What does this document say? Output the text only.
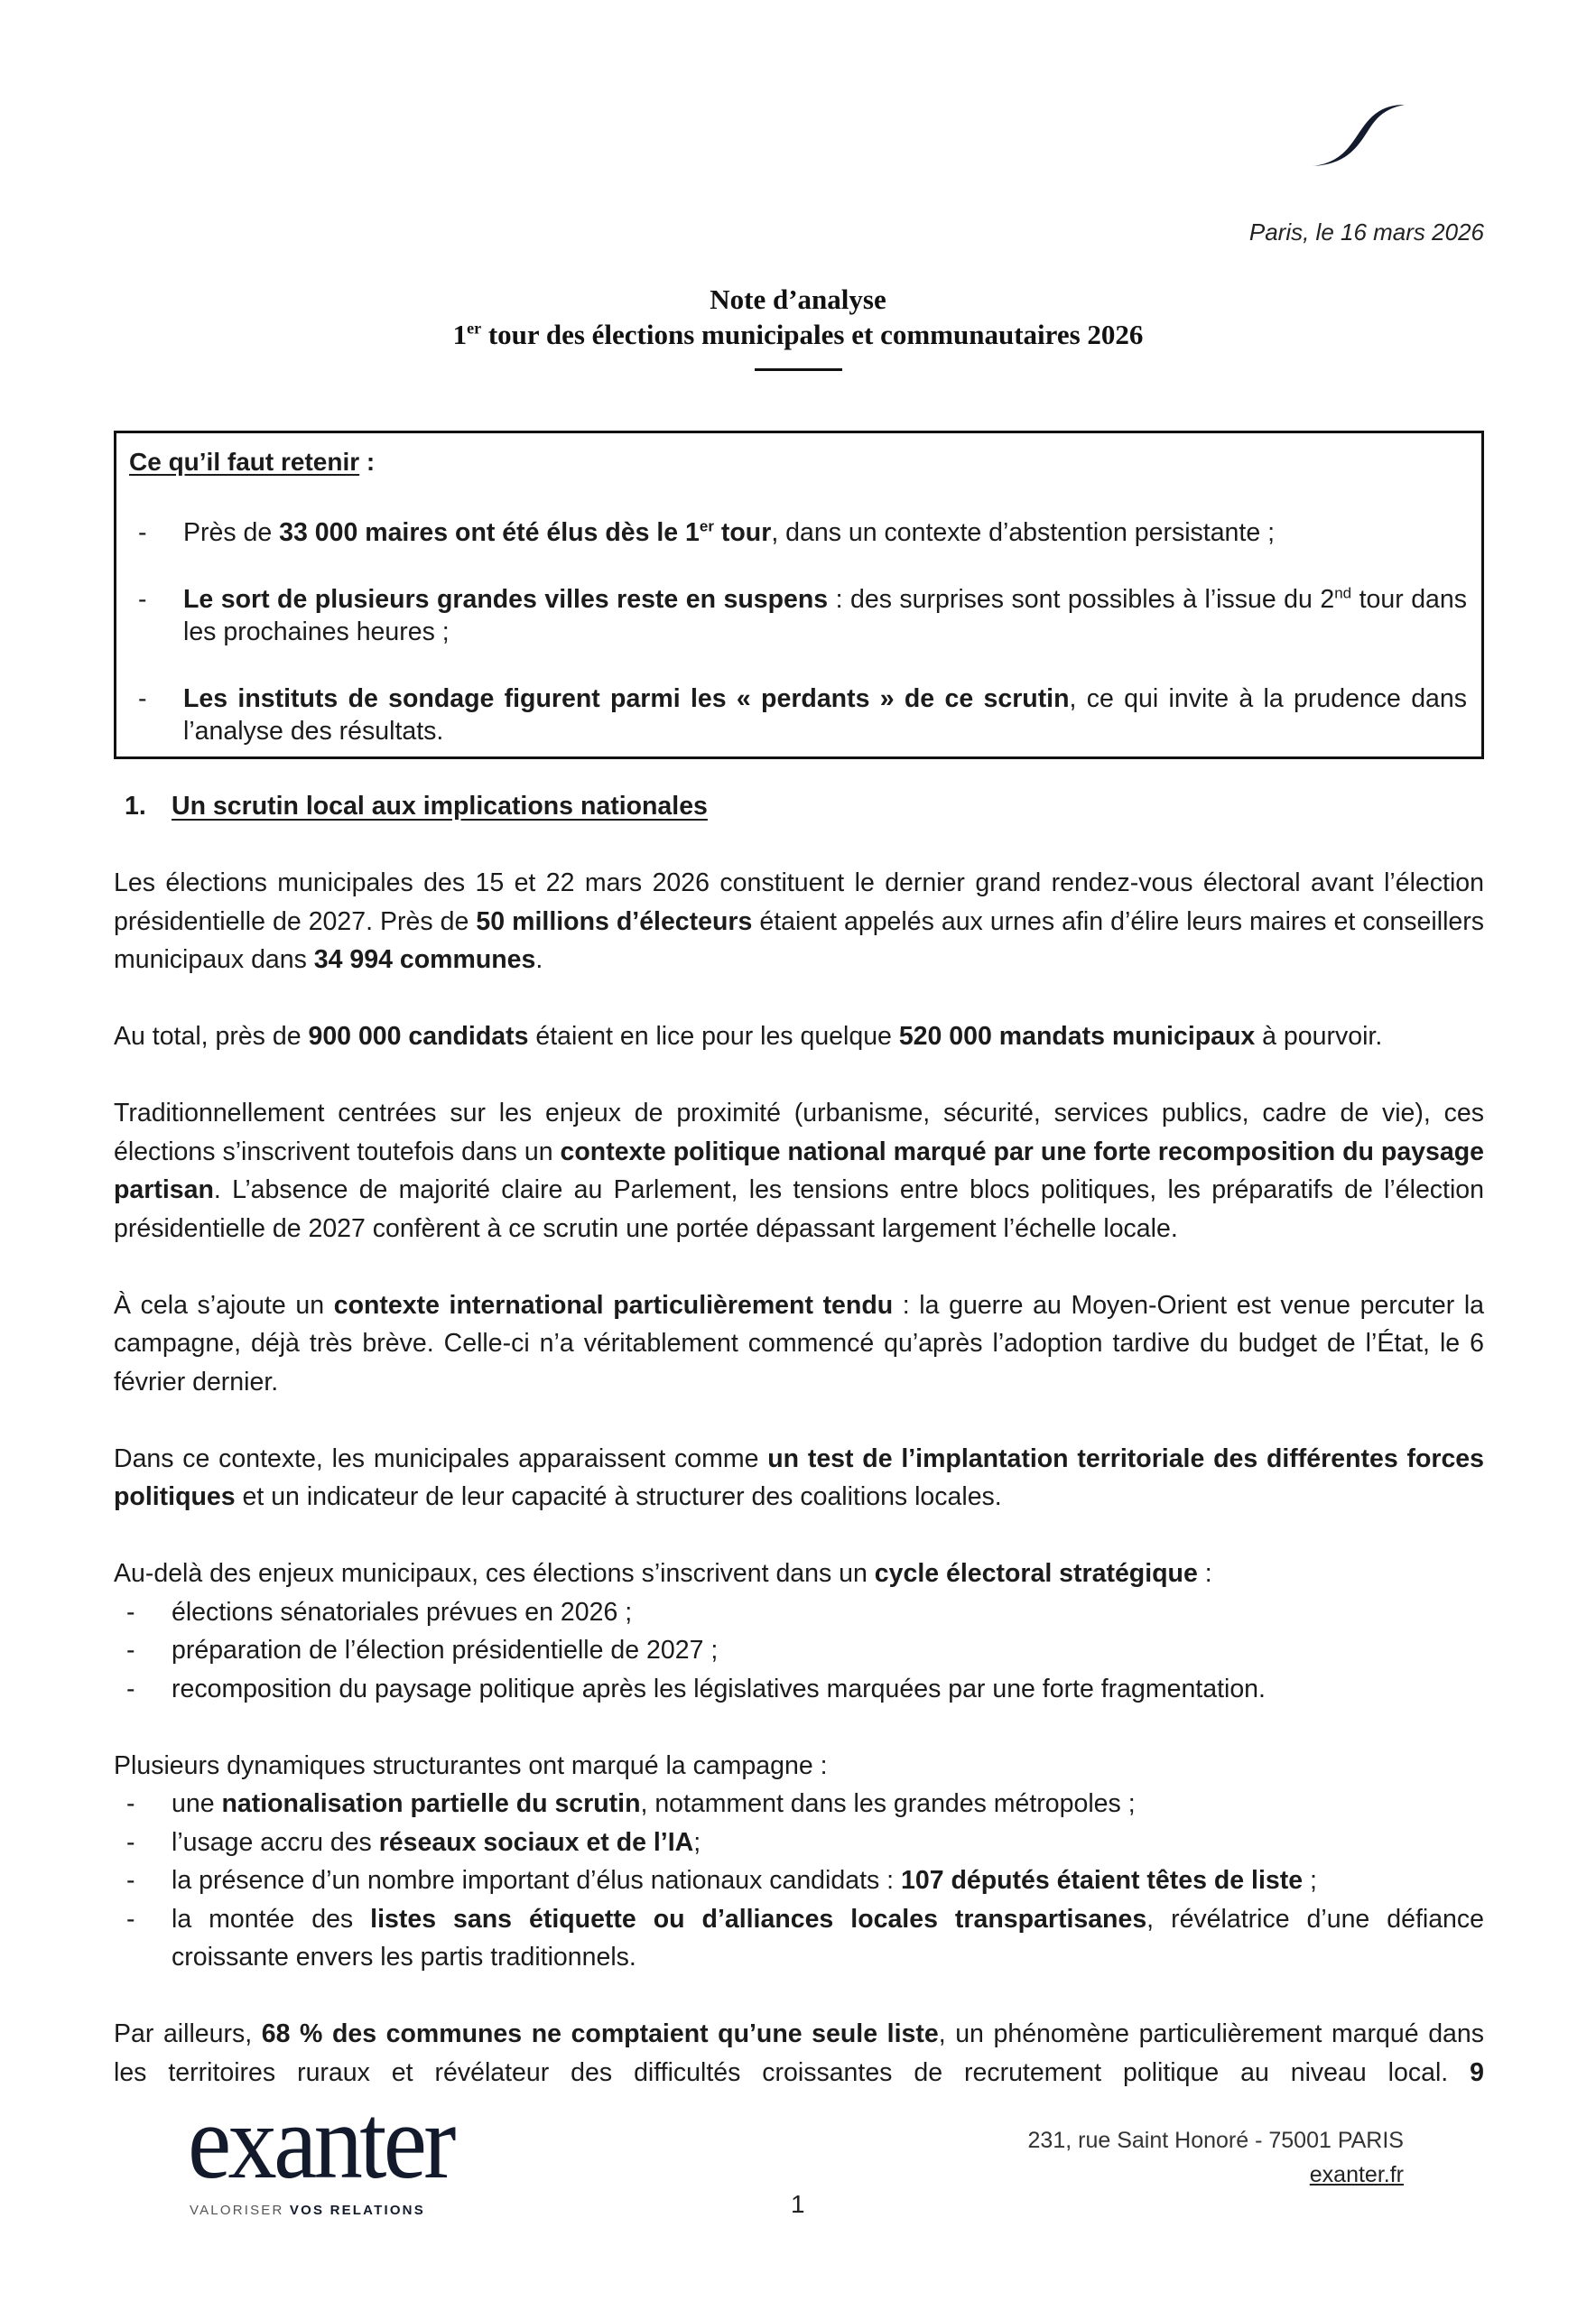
Paris, le 16 mars 2026
Note d’analyse
1er tour des élections municipales et communautaires 2026
Ce qu’il faut retenir :
- Près de 33 000 maires ont été élus dès le 1er tour, dans un contexte d’abstention persistante ;
- Le sort de plusieurs grandes villes reste en suspens : des surprises sont possibles à l’issue du 2nd tour dans les prochaines heures ;
- Les instituts de sondage figurent parmi les « perdants » de ce scrutin, ce qui invite à la prudence dans l’analyse des résultats.
1. Un scrutin local aux implications nationales
Les élections municipales des 15 et 22 mars 2026 constituent le dernier grand rendez-vous électoral avant l’élection présidentielle de 2027. Près de 50 millions d’électeurs étaient appelés aux urnes afin d’élire leurs maires et conseillers municipaux dans 34 994 communes.
Au total, près de 900 000 candidats étaient en lice pour les quelque 520 000 mandats municipaux à pourvoir.
Traditionnellement centrées sur les enjeux de proximité (urbanisme, sécurité, services publics, cadre de vie), ces élections s’inscrivent toutefois dans un contexte politique national marqué par une forte recomposition du paysage partisan. L’absence de majorité claire au Parlement, les tensions entre blocs politiques, les préparatifs de l’élection présidentielle de 2027 confèrent à ce scrutin une portée dépassant largement l’échelle locale.
À cela s’ajoute un contexte international particulièrement tendu : la guerre au Moyen-Orient est venue percuter la campagne, déjà très brève. Celle-ci n’a véritablement commencé qu’après l’adoption tardive du budget de l’État, le 6 février dernier.
Dans ce contexte, les municipales apparaissent comme un test de l’implantation territoriale des différentes forces politiques et un indicateur de leur capacité à structurer des coalitions locales.
Au-delà des enjeux municipaux, ces élections s’inscrivent dans un cycle électoral stratégique :
- élections sénatoriales prévues en 2026 ;
- préparation de l’élection présidentielle de 2027 ;
- recomposition du paysage politique après les législatives marquées par une forte fragmentation.
Plusieurs dynamiques structurantes ont marqué la campagne :
- une nationalisation partielle du scrutin, notamment dans les grandes métropoles ;
- l’usage accru des réseaux sociaux et de l’IA;
- la présence d’un nombre important d’élus nationaux candidats : 107 députés étaient têtes de liste ;
- la montée des listes sans étiquette ou d’alliances locales transpartisanes, révélatrice d’une défiance croissante envers les partis traditionnels.
Par ailleurs, 68 % des communes ne comptaient qu’une seule liste, un phénomène particulièrement marqué dans les territoires ruraux et révélateur des difficultés croissantes de recrutement politique au niveau local. 9
exanter
VALORISER VOS RELATIONS
231, rue Saint Honoré - 75001 PARIS
exanter.fr
1
